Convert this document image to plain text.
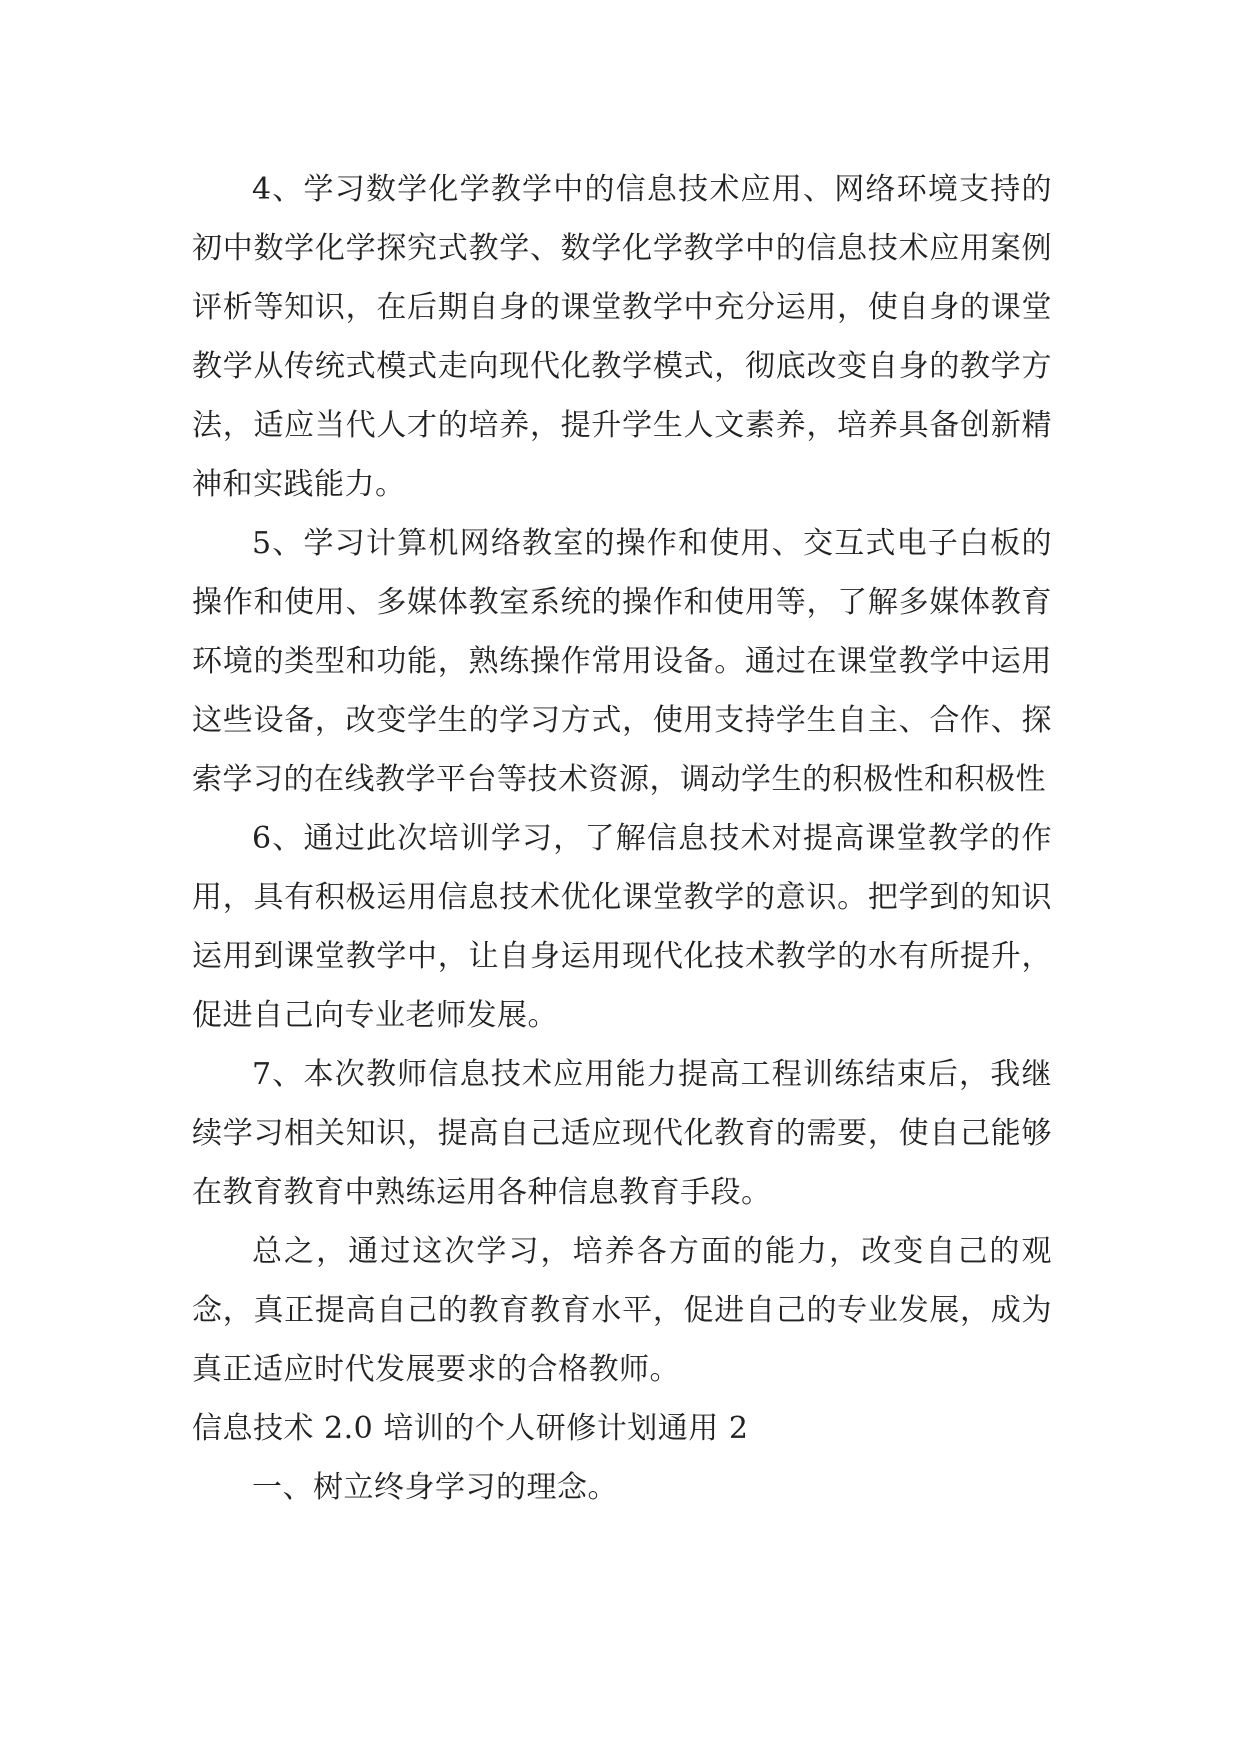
4、学习数学化学教学中的信息技术应用、网络环境支持的初中数学化学探究式教学、数学化学教学中的信息技术应用案例评析等知识，在后期自身的课堂教学中充分运用，使自身的课堂教学从传统式模式走向现代化教学模式，彻底改变自身的教学方法，适应当代人才的培养，提升学生人文素养，培养具备创新精神和实践能力。

5、学习计算机网络教室的操作和使用、交互式电子白板的操作和使用、多媒体教室系统的操作和使用等，了解多媒体教育环境的类型和功能，熟练操作常用设备。通过在课堂教学中运用这些设备，改变学生的学习方式，使用支持学生自主、合作、探索学习的在线教学平台等技术资源，调动学生的积极性和积极性

6、通过此次培训学习，了解信息技术对提高课堂教学的作用，具有积极运用信息技术优化课堂教学的意识。把学到的知识运用到课堂教学中，让自身运用现代化技术教学的水有所提升，促进自己向专业老师发展。

7、本次教师信息技术应用能力提高工程训练结束后，我继续学习相关知识，提高自己适应现代化教育的需要，使自己能够在教育教育中熟练运用各种信息教育手段。

总之，通过这次学习，培养各方面的能力，改变自己的观念，真正提高自己的教育教育水平，促进自己的专业发展，成为真正适应时代发展要求的合格教师。

信息技术 2.0 培训的个人研修计划通用 2

一、树立终身学习的理念。
